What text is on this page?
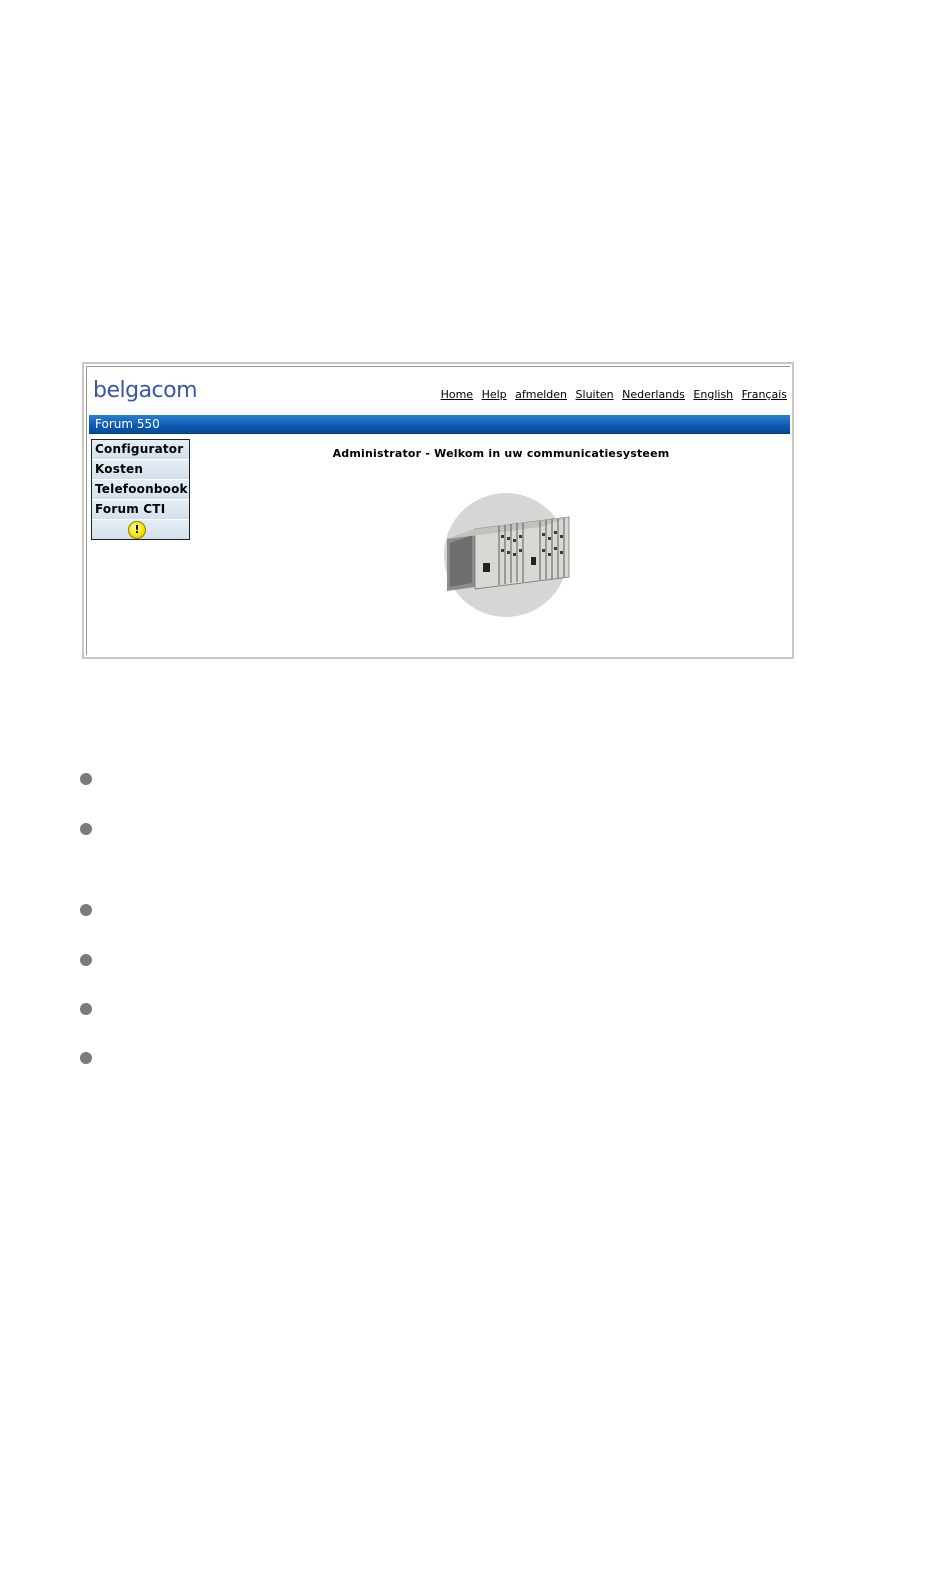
belgacom	Home Help afmelden Sluiten Nederlands English Français
Forum 550
Configurator
Kosten
Telefoonbook
Forum CTI
!
Administrator - Welkom in uw communicatiesysteem
